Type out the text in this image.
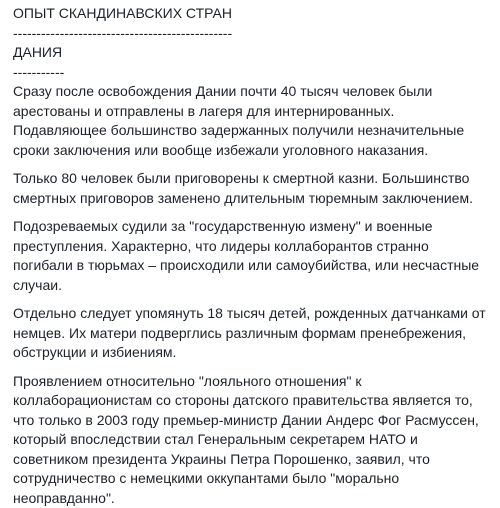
ОПЫТ СКАНДИНАВСКИХ СТРАН
-----------------------------------------------
ДАНИЯ
-----------
Сразу после освобождения Дании почти 40 тысяч человек были
арестованы и отправлены в лагеря для интернированных.
Подавляющее большинство задержанных получили незначительные
сроки заключения или вообще избежали уголовного наказания.
Только 80 человек были приговорены к смертной казни. Большинство
смертных приговоров заменено длительным тюремным заключением.
Подозреваемых судили за "государственную измену" и военные
преступления. Характерно, что лидеры коллаборантов странно
погибали в тюрьмах – происходили или самоубийства, или несчастные
случаи.
Отдельно следует упомянуть 18 тысяч детей, рожденных датчанками от
немцев. Их матери подверглись различным формам пренебрежения,
обструкции и избиениям.
Проявлением относительно "лояльного отношения" к
коллаборационистам со стороны датского правительства является то,
что только в 2003 году премьер-министр Дании Андерс Фог Расмуссен,
который впоследствии стал Генеральным секретарем НАТО и
советником президента Украины Петра Порошенко, заявил, что
сотрудничество с немецкими оккупантами было "морально
неоправданно".
